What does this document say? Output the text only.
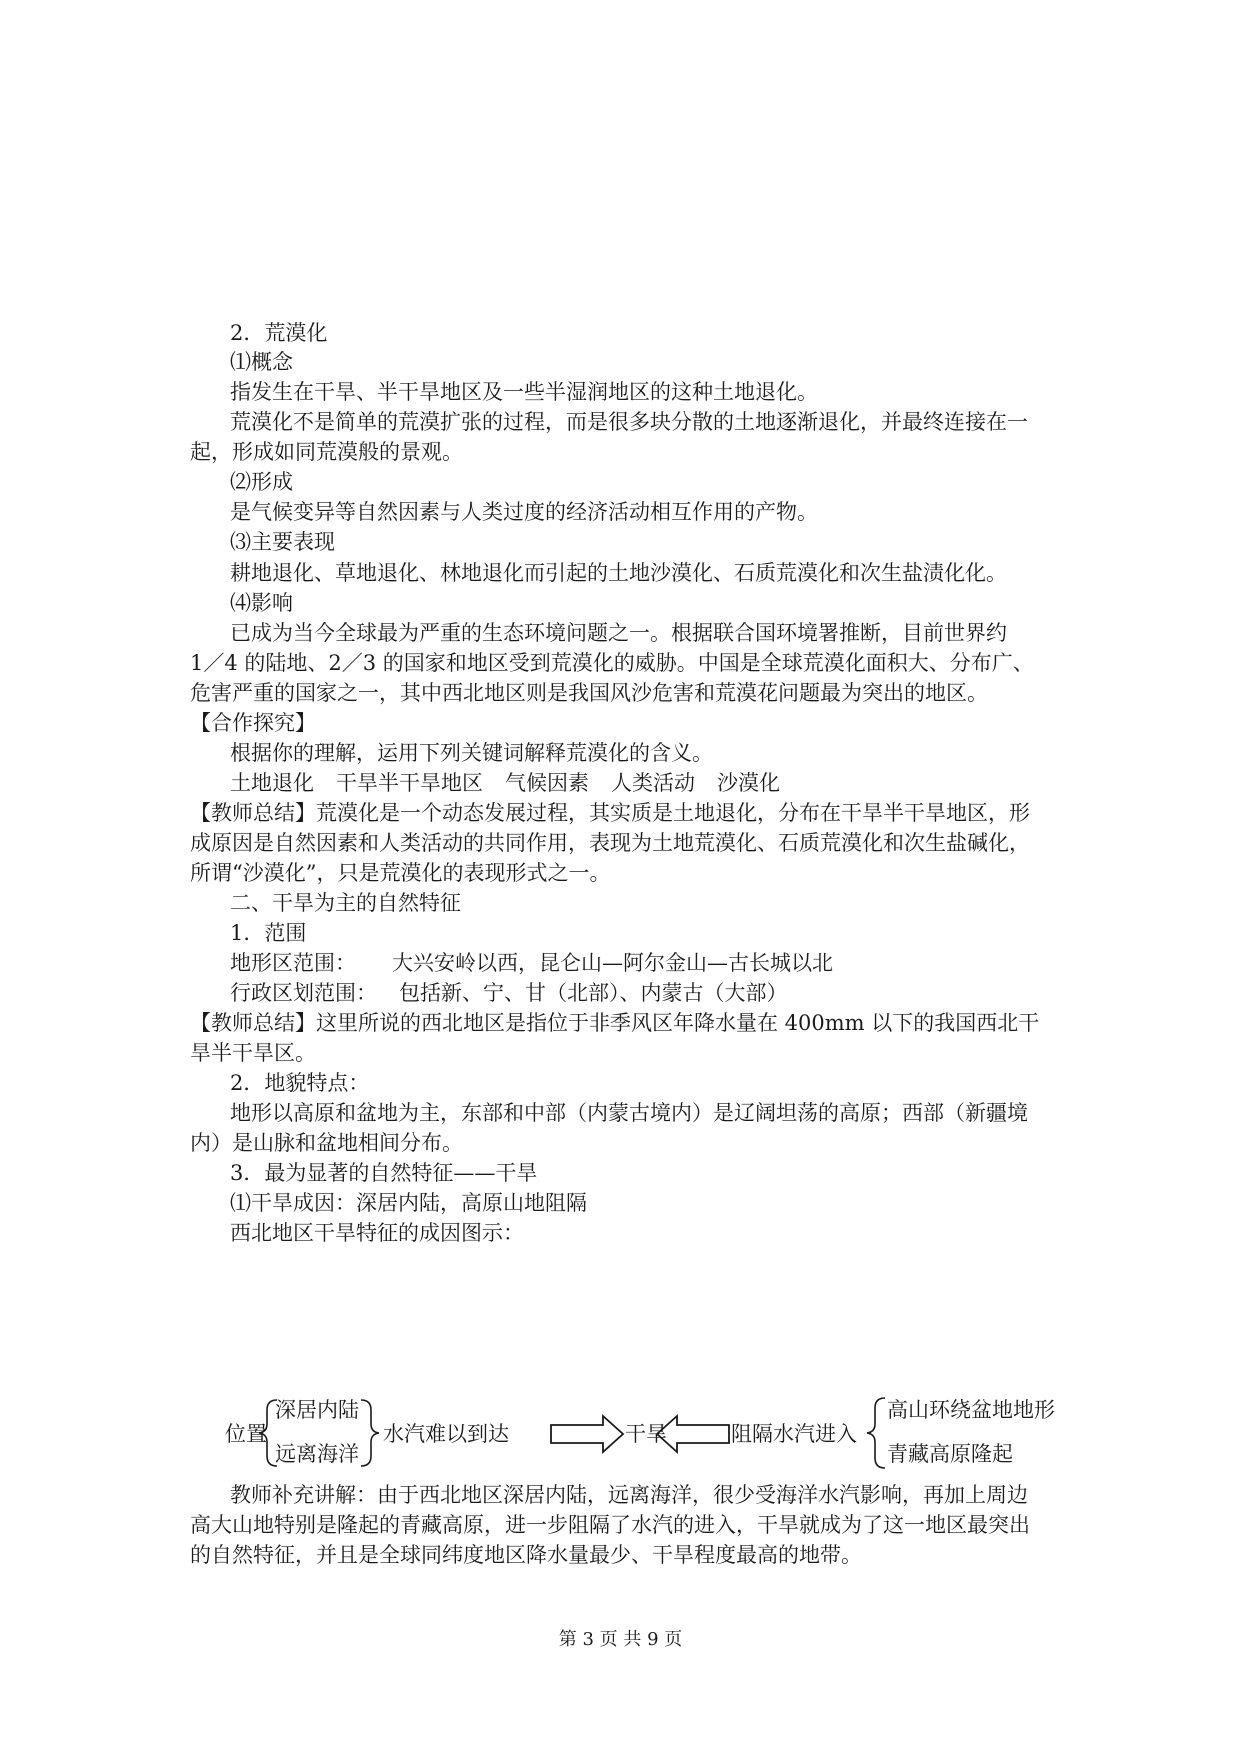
2．荒漠化
⑴概念
指发生在干旱、半干旱地区及一些半湿润地区的这种土地退化。
荒漠化不是简单的荒漠扩张的过程，而是很多块分散的土地逐渐退化，并最终连接在一
起，形成如同荒漠般的景观。
⑵形成
是气候变异等自然因素与人类过度的经济活动相互作用的产物。
⑶主要表现
耕地退化、草地退化、林地退化而引起的土地沙漠化、石质荒漠化和次生盐渍化化。
⑷影响
已成为当今全球最为严重的生态环境问题之一。根据联合国环境署推断，目前世界约
1／4 的陆地、2／3 的国家和地区受到荒漠化的威胁。中国是全球荒漠化面积大、分布广、
危害严重的国家之一，其中西北地区则是我国风沙危害和荒漠花问题最为突出的地区。
【合作探究】
根据你的理解，运用下列关键词解释荒漠化的含义。
土地退化 干旱半干旱地区 气候因素 人类活动 沙漠化
【教师总结】荒漠化是一个动态发展过程，其实质是土地退化，分布在干旱半干旱地区，形
成原因是自然因素和人类活动的共同作用，表现为土地荒漠化、石质荒漠化和次生盐碱化，
所谓“沙漠化”，只是荒漠化的表现形式之一。
二、干旱为主的自然特征
1．范围
地形区范围： 大兴安岭以西，昆仑山—阿尔金山—古长城以北
行政区划范围： 包括新、宁、甘（北部）、内蒙古（大部）
【教师总结】这里所说的西北地区是指位于非季风区年降水量在 400mm 以下的我国西北干
旱半干旱区。
2．地貌特点：
地形以高原和盆地为主，东部和中部（内蒙古境内）是辽阔坦荡的高原；西部（新疆境
内）是山脉和盆地相间分布。
3．最为显著的自然特征——干旱
⑴干旱成因：深居内陆，高原山地阻隔
西北地区干旱特征的成因图示：
位置
深居内陆
远离海洋
水汽难以到达	干旱	阻隔水汽进入
高山环绕盆地地形
青藏高原隆起
教师补充讲解：由于西北地区深居内陆，远离海洋，很少受海洋水汽影响，再加上周边
高大山地特别是隆起的青藏高原，进一步阻隔了水汽的进入，干旱就成为了这一地区最突出
的自然特征，并且是全球同纬度地区降水量最少、干旱程度最高的地带。
第 3 页 共 9 页
